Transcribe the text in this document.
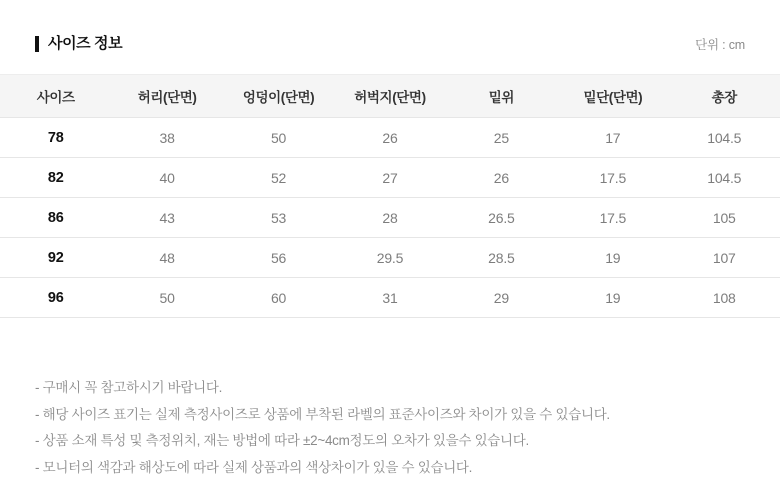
사이즈 정보	단위 : cm
사이즈	허리(단면)	엉덩이(단면)	허벅지(단면)	밑위	밑단(단면)	총장
78	38	50	26	25	17	104.5
82	40	52	27	26	17.5	104.5
86	43	53	28	26.5	17.5	105
92	48	56	29.5	28.5	19	107
96	50	60	31	29	19	108
- 구매시 꼭 참고하시기 바랍니다.
- 해당 사이즈 표기는 실제 측정사이즈로 상품에 부착된 라벨의 표준사이즈와 차이가 있을 수 있습니다.
- 상품 소재 특성 및 측정위치, 재는 방법에 따라 ±2~4cm정도의 오차가 있을수 있습니다.
- 모니터의 색감과 해상도에 따라 실제 상품과의 색상차이가 있을 수 있습니다.
